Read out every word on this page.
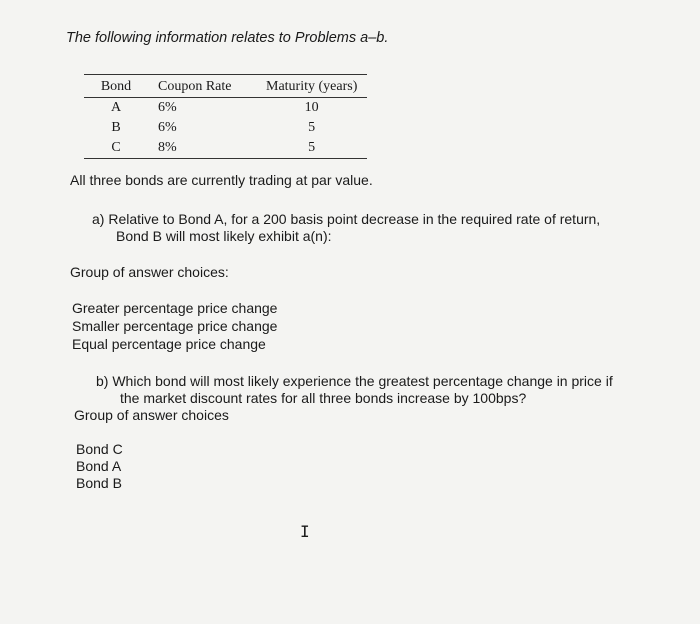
The following information relates to Problems a–b.
Bond	Coupon Rate	Maturity (years)
A	6%	10
B	6%	5
C	8%	5
All three bonds are currently trading at par value.
a) Relative to Bond A, for a 200 basis point decrease in the required rate of return,
Bond B will most likely exhibit a(n):
Group of answer choices:
Greater percentage price change
Smaller percentage price change
Equal percentage price change
b) Which bond will most likely experience the greatest percentage change in price if
the market discount rates for all three bonds increase by 100bps?
Group of answer choices
Bond C
Bond A
Bond B
I
